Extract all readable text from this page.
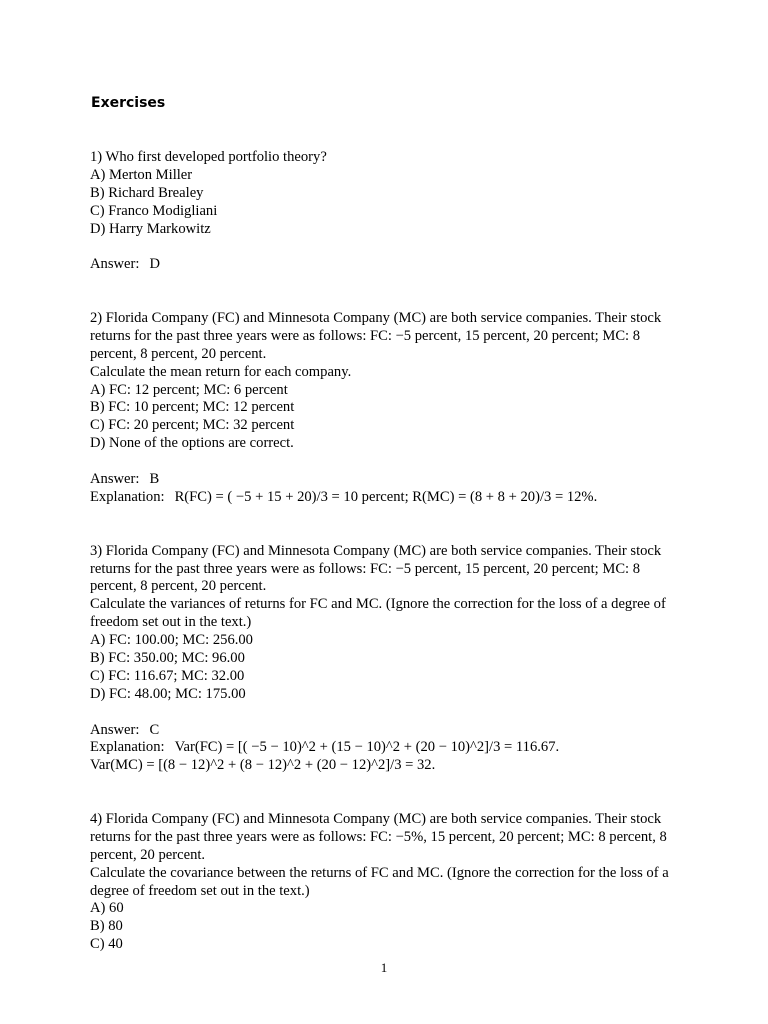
Exercises
1) Who first developed portfolio theory?
A) Merton Miller
B) Richard Brealey
C) Franco Modigliani
D) Harry Markowitz
Answer: D
2) Florida Company (FC) and Minnesota Company (MC) are both service companies. Their stock
returns for the past three years were as follows: FC: −5 percent, 15 percent, 20 percent; MC: 8
percent, 8 percent, 20 percent.
Calculate the mean return for each company.
A) FC: 12 percent; MC: 6 percent
B) FC: 10 percent; MC: 12 percent
C) FC: 20 percent; MC: 32 percent
D) None of the options are correct.
Answer: B
Explanation: R(FC) = ( −5 + 15 + 20)/3 = 10 percent; R(MC) = (8 + 8 + 20)/3 = 12%.
3) Florida Company (FC) and Minnesota Company (MC) are both service companies. Their stock
returns for the past three years were as follows: FC: −5 percent, 15 percent, 20 percent; MC: 8
percent, 8 percent, 20 percent.
Calculate the variances of returns for FC and MC. (Ignore the correction for the loss of a degree of
freedom set out in the text.)
A) FC: 100.00; MC: 256.00
B) FC: 350.00; MC: 96.00
C) FC: 116.67; MC: 32.00
D) FC: 48.00; MC: 175.00
Answer: C
Explanation: Var(FC) = [( −5 − 10)^2 + (15 − 10)^2 + (20 − 10)^2]/3 = 116.67.
Var(MC) = [(8 − 12)^2 + (8 − 12)^2 + (20 − 12)^2]/3 = 32.
4) Florida Company (FC) and Minnesota Company (MC) are both service companies. Their stock
returns for the past three years were as follows: FC: −5%, 15 percent, 20 percent; MC: 8 percent, 8
percent, 20 percent.
Calculate the covariance between the returns of FC and MC. (Ignore the correction for the loss of a
degree of freedom set out in the text.)
A) 60
B) 80
C) 40
1
